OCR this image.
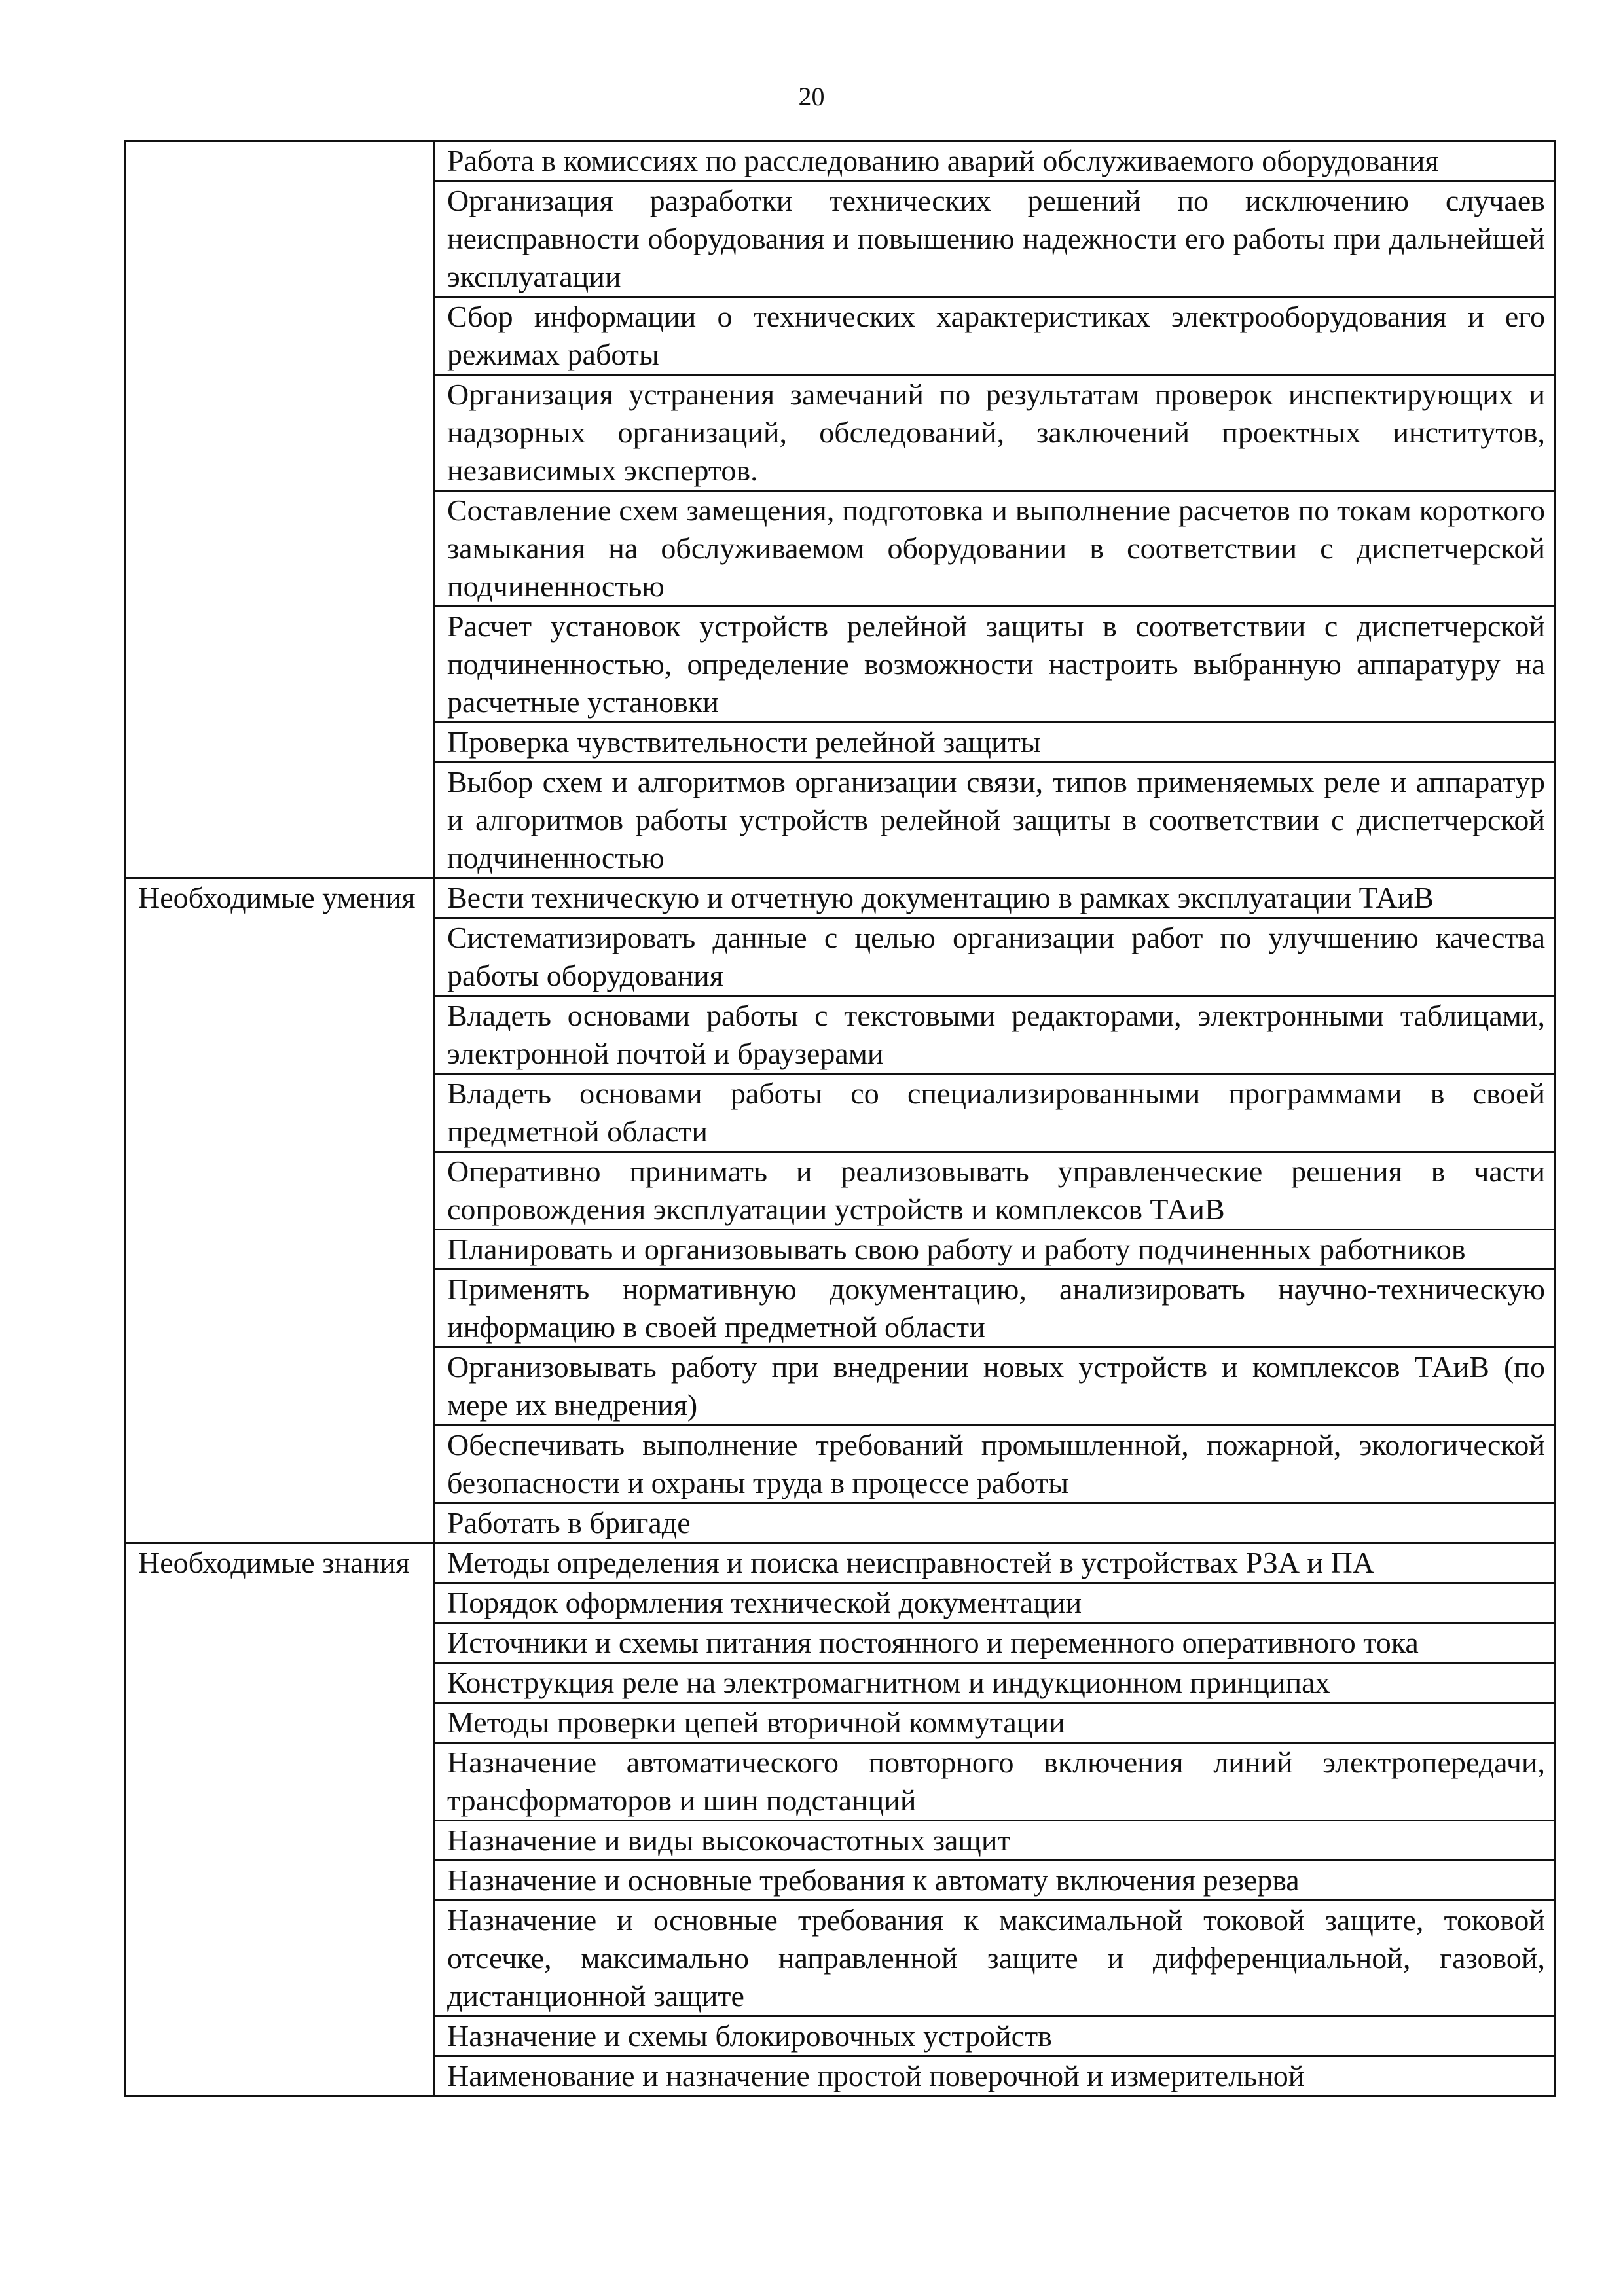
20
	Работа в комиссиях по расследованию аварий обслуживаемого оборудования
	Организация разработки технических решений по исключению случаев неисправности оборудования и повышению надежности его работы при дальнейшей эксплуатации
	Сбор информации о технических характеристиках электрооборудования и его режимах работы
	Организация устранения замечаний по результатам проверок инспектирующих и надзорных организаций, обследований, заключений проектных институтов, независимых экспертов.
	Составление схем замещения, подготовка и выполнение расчетов по токам короткого замыкания на обслуживаемом оборудовании в соответствии с диспетчерской подчиненностью
	Расчет установок устройств релейной защиты в соответствии с диспетчерской подчиненностью, определение возможности настроить выбранную аппаратуру на расчетные установки
	Проверка чувствительности релейной защиты
	Выбор схем и алгоритмов организации связи, типов применяемых реле и аппаратур и алгоритмов работы устройств релейной защиты в соответствии с диспетчерской подчиненностью
Необходимые умения	Вести техническую и отчетную документацию в рамках эксплуатации ТАиВ
	Систематизировать данные с целью организации работ по улучшению качества работы оборудования
	Владеть основами работы с текстовыми редакторами, электронными таблицами, электронной почтой и браузерами
	Владеть основами работы со специализированными программами в своей предметной области
	Оперативно принимать и реализовывать управленческие решения в части сопровождения эксплуатации устройств и комплексов ТАиВ
	Планировать и организовывать свою работу и работу подчиненных работников
	Применять нормативную документацию, анализировать научно-техническую информацию в своей предметной области
	Организовывать работу при внедрении новых устройств и комплексов ТАиВ (по мере их внедрения)
	Обеспечивать выполнение требований промышленной, пожарной, экологической безопасности и охраны труда в процессе работы
	Работать в бригаде
Необходимые знания	Методы определения и поиска неисправностей в устройствах РЗА и ПА
	Порядок оформления технической документации
	Источники и схемы питания постоянного и переменного оперативного тока
	Конструкция реле на электромагнитном и индукционном принципах
	Методы проверки цепей вторичной коммутации
	Назначение автоматического повторного включения линий электропередачи, трансформаторов и шин подстанций
	Назначение и виды высокочастотных защит
	Назначение и основные требования к автомату включения резерва
	Назначение и основные требования к максимальной токовой защите, токовой отсечке, максимально направленной защите и дифференциальной, газовой, дистанционной защите
	Назначение и схемы блокировочных устройств
	Наименование и назначение простой поверочной и измерительной
